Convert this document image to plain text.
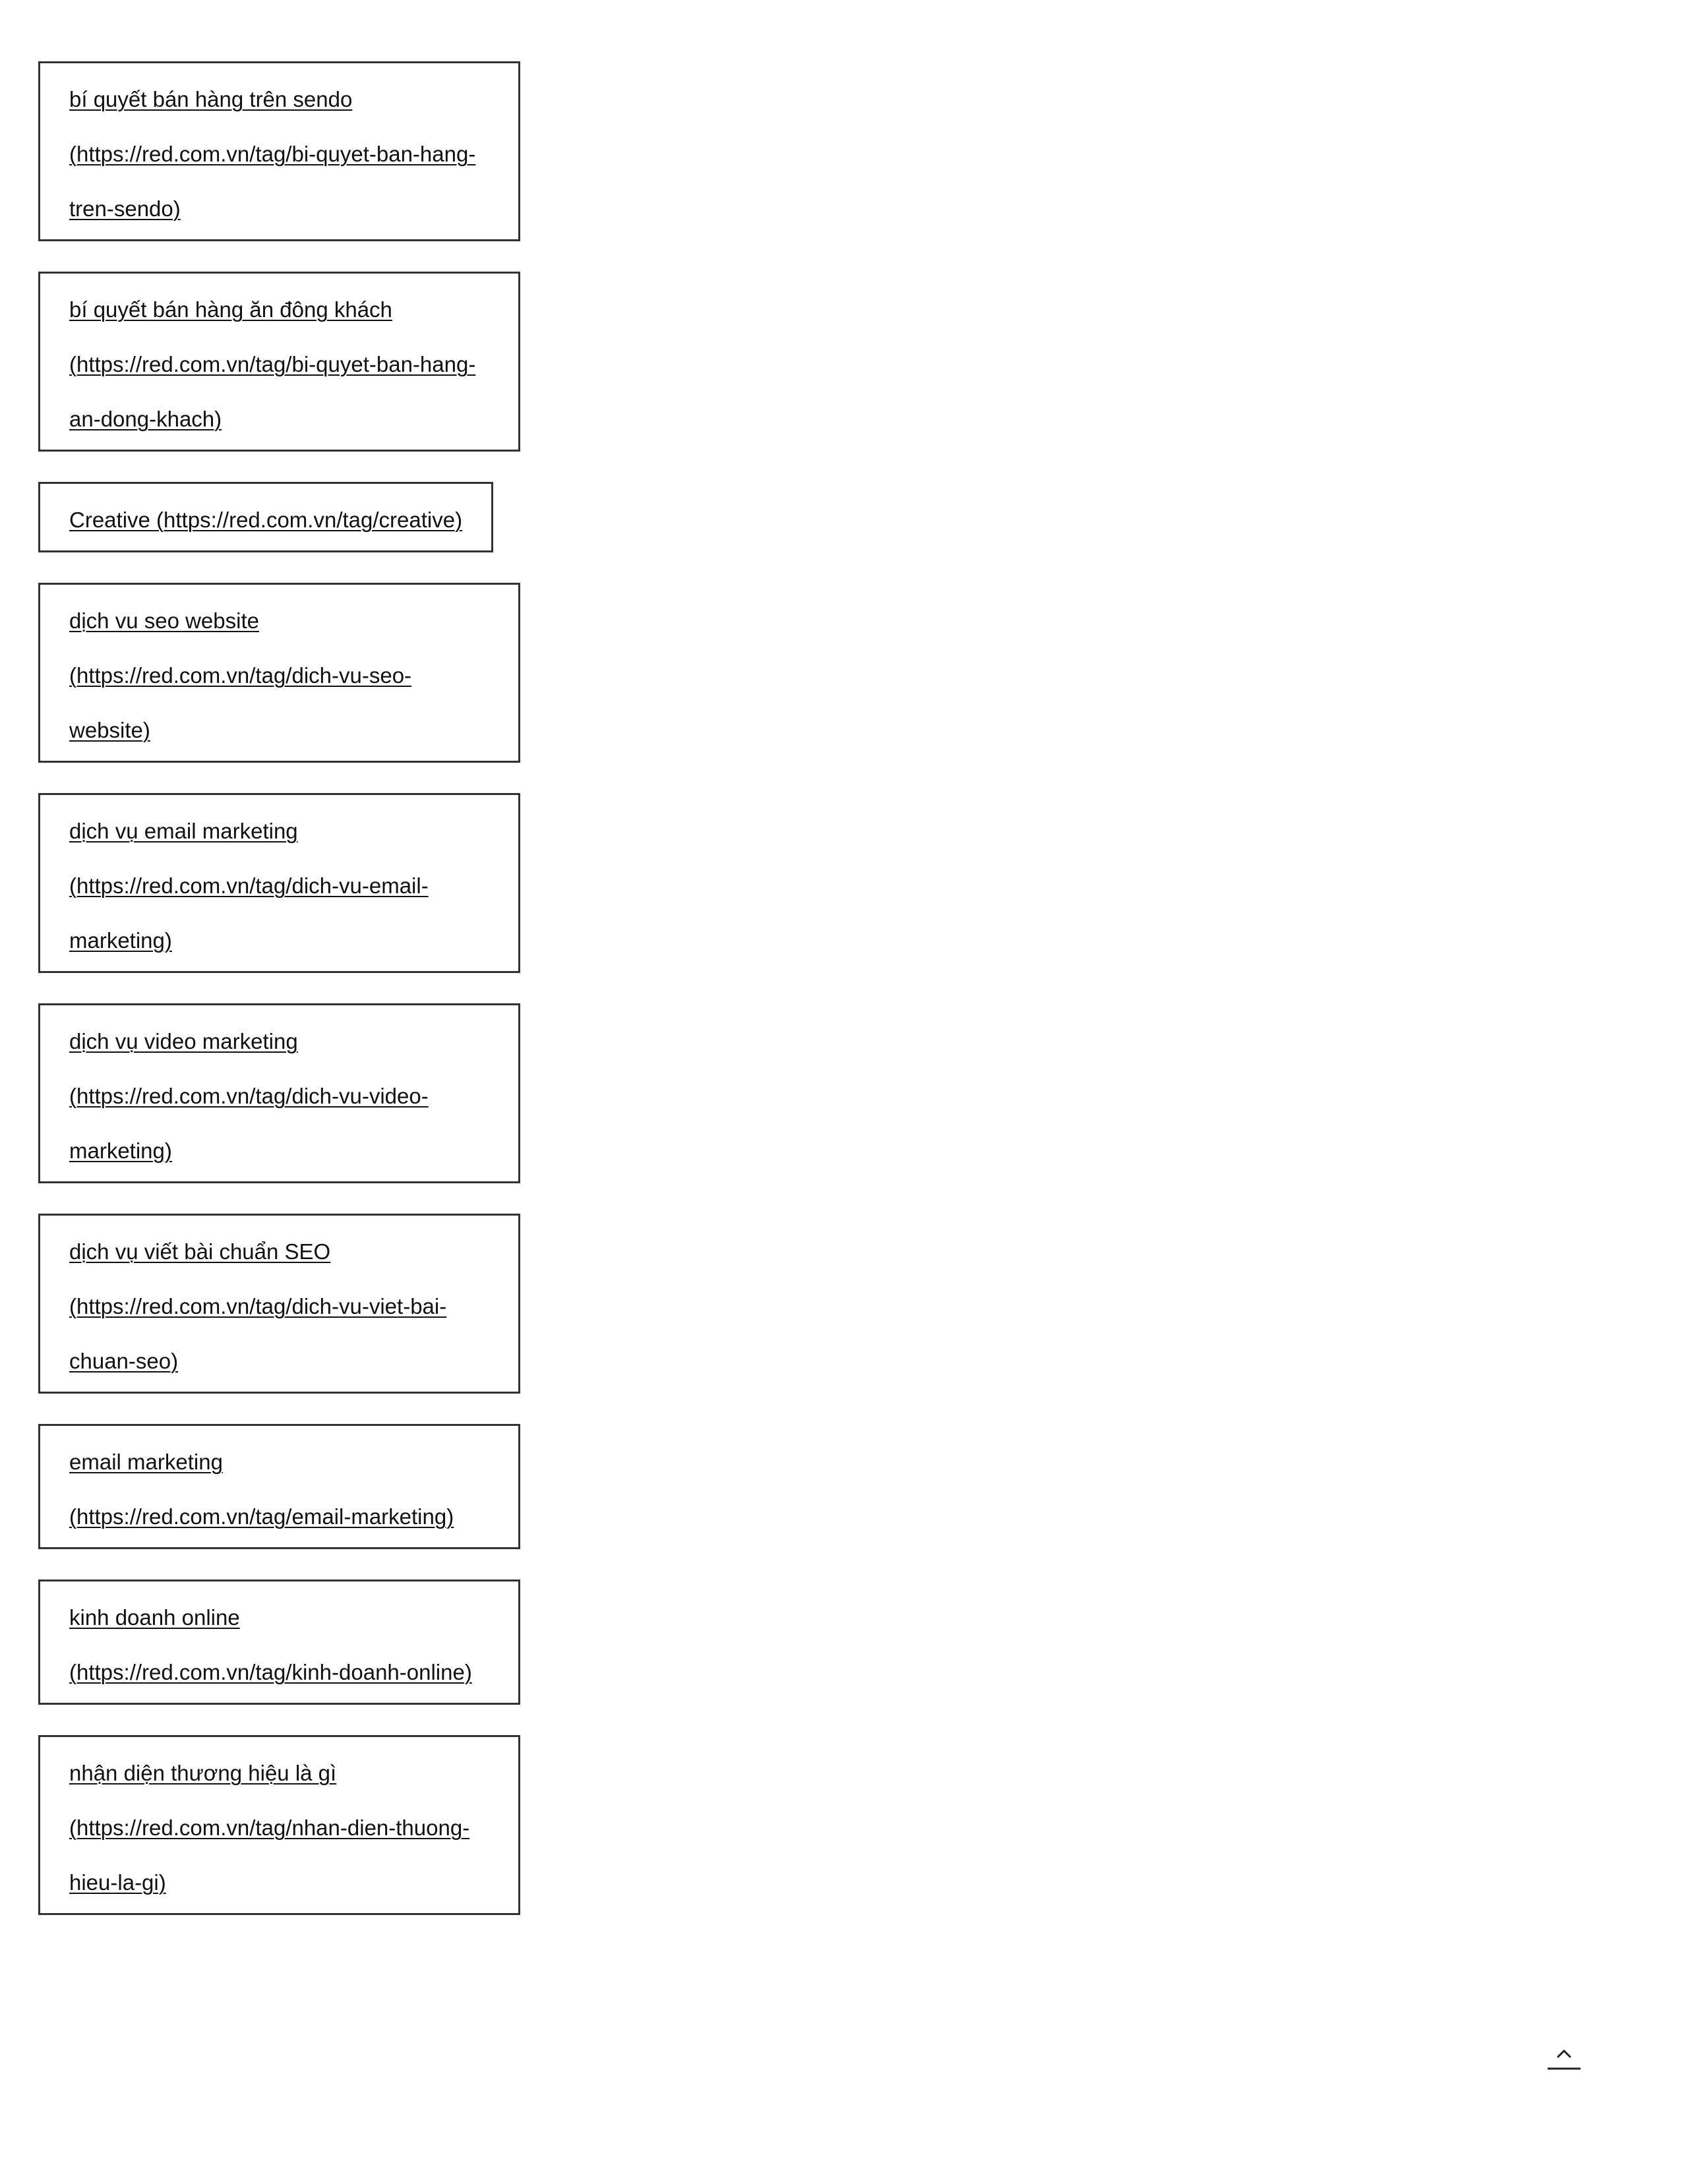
bí quyết bán hàng trên sendo (https://red.com.vn/tag/bi-quyet-ban-hang-tren-sendo)
bí quyết bán hàng ăn đông khách (https://red.com.vn/tag/bi-quyet-ban-hang-an-dong-khach)
Creative (https://red.com.vn/tag/creative)
dịch vu seo website (https://red.com.vn/tag/dich-vu-seo-website)
dịch vụ email marketing (https://red.com.vn/tag/dich-vu-email-marketing)
dịch vụ video marketing (https://red.com.vn/tag/dich-vu-video-marketing)
dịch vụ viết bài chuẩn SEO (https://red.com.vn/tag/dich-vu-viet-bai-chuan-seo)
email marketing (https://red.com.vn/tag/email-marketing)
kinh doanh online (https://red.com.vn/tag/kinh-doanh-online)
nhận diện thương hiệu là gì (https://red.com.vn/tag/nhan-dien-thuong-hieu-la-gi)
